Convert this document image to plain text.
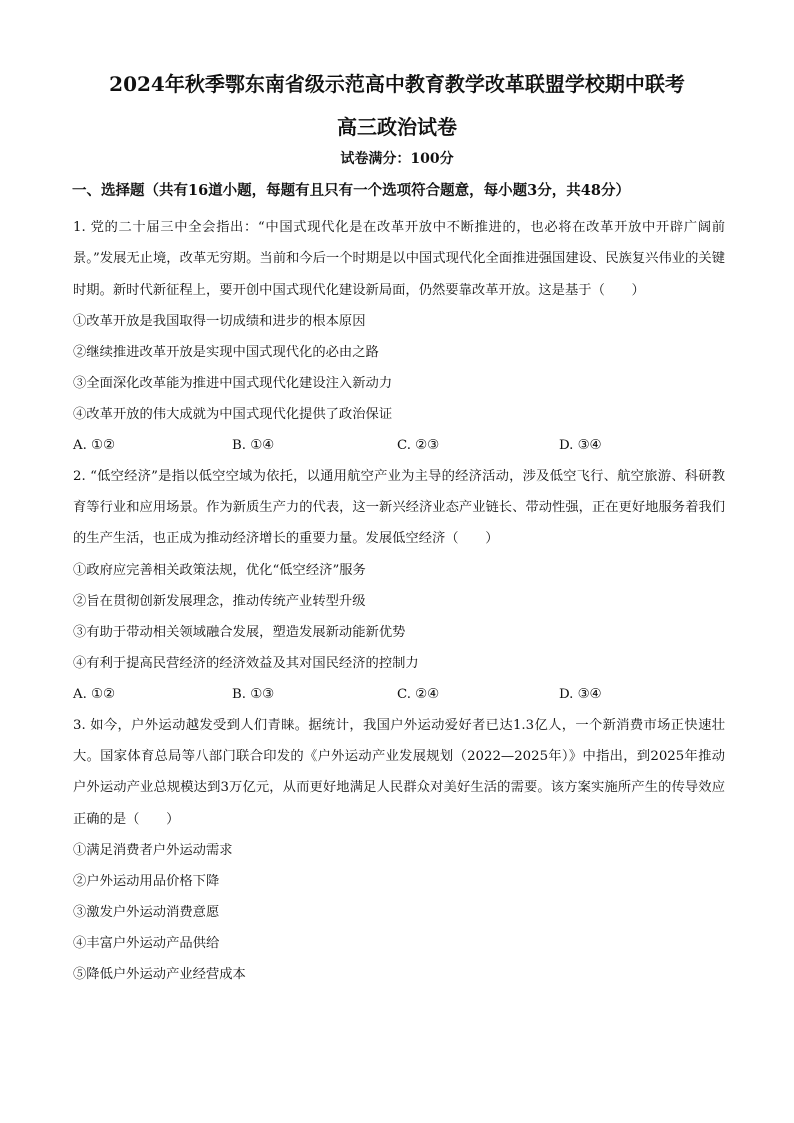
2024年秋季鄂东南省级示范高中教育教学改革联盟学校期中联考
高三政治试卷
试卷满分：100分
一、选择题（共有16道小题，每题有且只有一个选项符合题意，每小题3分，共48分）

1. 党的二十届三中全会指出：“中国式现代化是在改革开放中不断推进的，也必将在改革开放中开辟广阔前景。”发展无止境，改革无穷期。当前和今后一个时期是以中国式现代化全面推进强国建设、民族复兴伟业的关键时期。新时代新征程上，要开创中国式现代化建设新局面，仍然要靠改革开放。这是基于（　　）

①改革开放是我国取得一切成绩和进步的根本原因

②继续推进改革开放是实现中国式现代化的必由之路

③全面深化改革能为推进中国式现代化建设注入新动力

④改革开放的伟大成就为中国式现代化提供了政治保证

A. ①②	B. ①④	C. ②③	D. ③④

2. “低空经济”是指以低空空域为依托，以通用航空产业为主导的经济活动，涉及低空飞行、航空旅游、科研教育等行业和应用场景。作为新质生产力的代表，这一新兴经济业态产业链长、带动性强，正在更好地服务着我们的生产生活，也正成为推动经济增长的重要力量。发展低空经济（　　）

①政府应完善相关政策法规，优化“低空经济”服务

②旨在贯彻创新发展理念，推动传统产业转型升级

③有助于带动相关领域融合发展，塑造发展新动能新优势

④有利于提高民营经济的经济效益及其对国民经济的控制力

A. ①②	B. ①③	C. ②④	D. ③④

3. 如今，户外运动越发受到人们青睐。据统计，我国户外运动爱好者已达1.3亿人，一个新消费市场正快速壮大。国家体育总局等八部门联合印发的《户外运动产业发展规划（2022—2025年）》中指出，到2025年推动户外运动产业总规模达到3万亿元，从而更好地满足人民群众对美好生活的需要。该方案实施所产生的传导效应正确的是（　　）

①满足消费者户外运动需求

②户外运动用品价格下降

③激发户外运动消费意愿

④丰富户外运动产品供给

⑤降低户外运动产业经营成本
